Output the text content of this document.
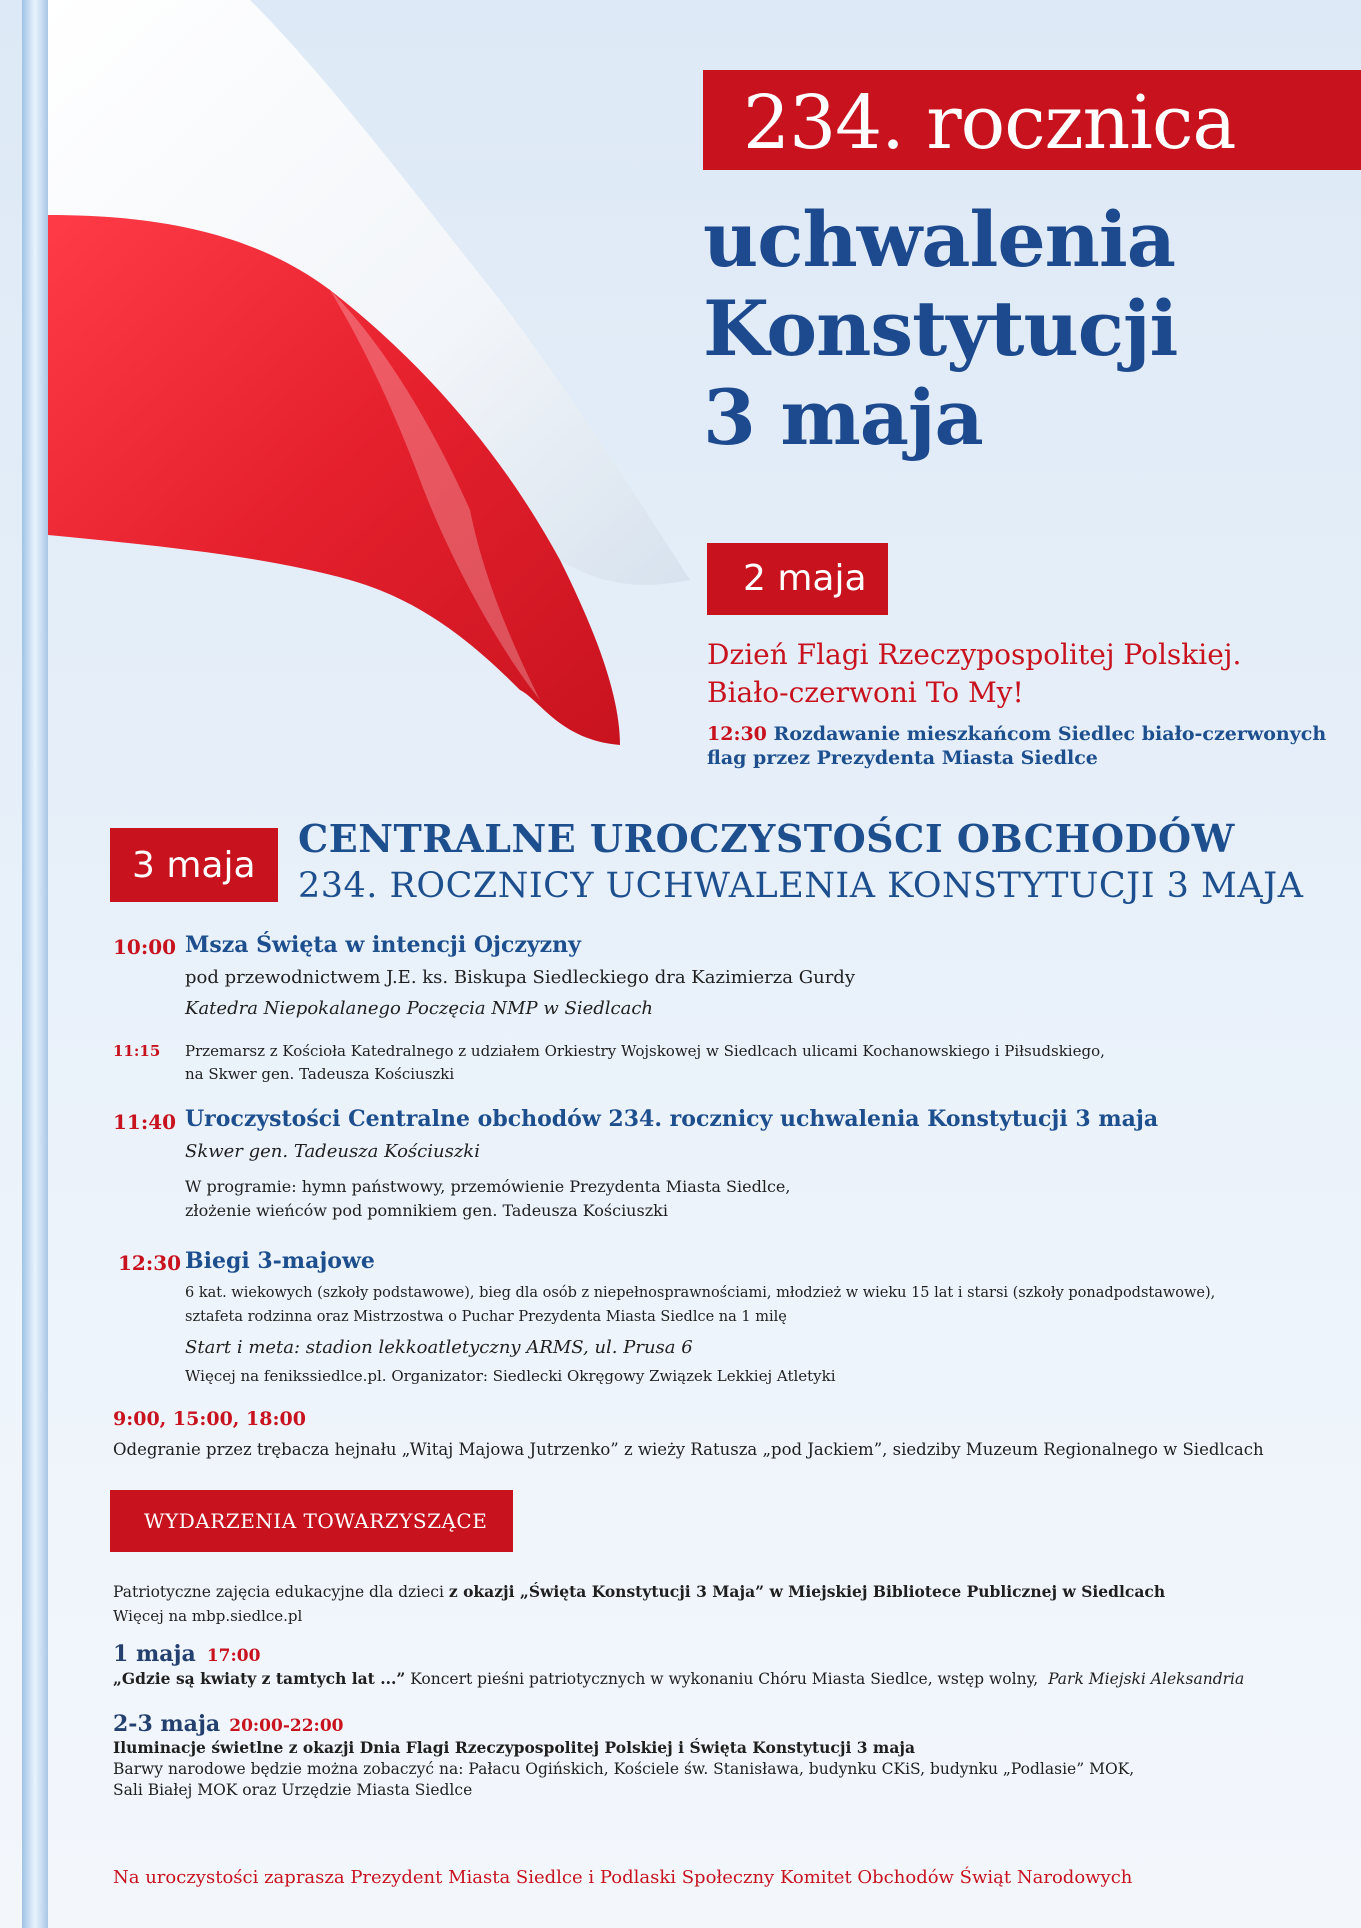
234. rocznica
uchwalenia
Konstytucji
3 maja
2 maja
Dzień Flagi Rzeczypospolitej Polskiej.
Biało-czerwoni To My!
12:30 Rozdawanie mieszkańcom Siedlec biało-czerwonych
flag przez Prezydenta Miasta Siedlce
3 maja
CENTRALNE UROCZYSTOŚCI OBCHODÓW
234. ROCZNICY UCHWALENIA KONSTYTUCJI 3 MAJA
10:00 Msza Święta w intencji Ojczyzny
pod przewodnictwem J.E. ks. Biskupa Siedleckiego dra Kazimierza Gurdy
Katedra Niepokalanego Poczęcia NMP w Siedlcach
11:15 Przemarsz z Kościoła Katedralnego z udziałem Orkiestry Wojskowej w Siedlcach ulicami Kochanowskiego i Piłsudskiego,
na Skwer gen. Tadeusza Kościuszki
11:40 Uroczystości Centralne obchodów 234. rocznicy uchwalenia Konstytucji 3 maja
Skwer gen. Tadeusza Kościuszki
W programie: hymn państwowy, przemówienie Prezydenta Miasta Siedlce,
złożenie wieńców pod pomnikiem gen. Tadeusza Kościuszki
12:30 Biegi 3-majowe
6 kat. wiekowych (szkoły podstawowe), bieg dla osób z niepełnosprawnościami, młodzież w wieku 15 lat i starsi (szkoły ponadpodstawowe),
sztafeta rodzinna oraz Mistrzostwa o Puchar Prezydenta Miasta Siedlce na 1 milę
Start i meta: stadion lekkoatletyczny ARMS, ul. Prusa 6
Więcej na fenikssiedlce.pl. Organizator: Siedlecki Okręgowy Związek Lekkiej Atletyki
9:00, 15:00, 18:00
Odegranie przez trębacza hejnału „Witaj Majowa Jutrzenko” z wieży Ratusza „pod Jackiem”, siedziby Muzeum Regionalnego w Siedlcach
WYDARZENIA TOWARZYSZĄCE
Patriotyczne zajęcia edukacyjne dla dzieci z okazji „Święta Konstytucji 3 Maja” w Miejskiej Bibliotece Publicznej w Siedlcach
Więcej na mbp.siedlce.pl
1 maja 17:00
„Gdzie są kwiaty z tamtych lat ...” Koncert pieśni patriotycznych w wykonaniu Chóru Miasta Siedlce, wstęp wolny, Park Miejski Aleksandria
2-3 maja 20:00-22:00
Iluminacje świetlne z okazji Dnia Flagi Rzeczypospolitej Polskiej i Święta Konstytucji 3 maja
Barwy narodowe będzie można zobaczyć na: Pałacu Ogińskich, Kościele św. Stanisława, budynku CKiS, budynku „Podlasie” MOK,
Sali Białej MOK oraz Urzędzie Miasta Siedlce
Na uroczystości zaprasza Prezydent Miasta Siedlce i Podlaski Społeczny Komitet Obchodów Świąt Narodowych
